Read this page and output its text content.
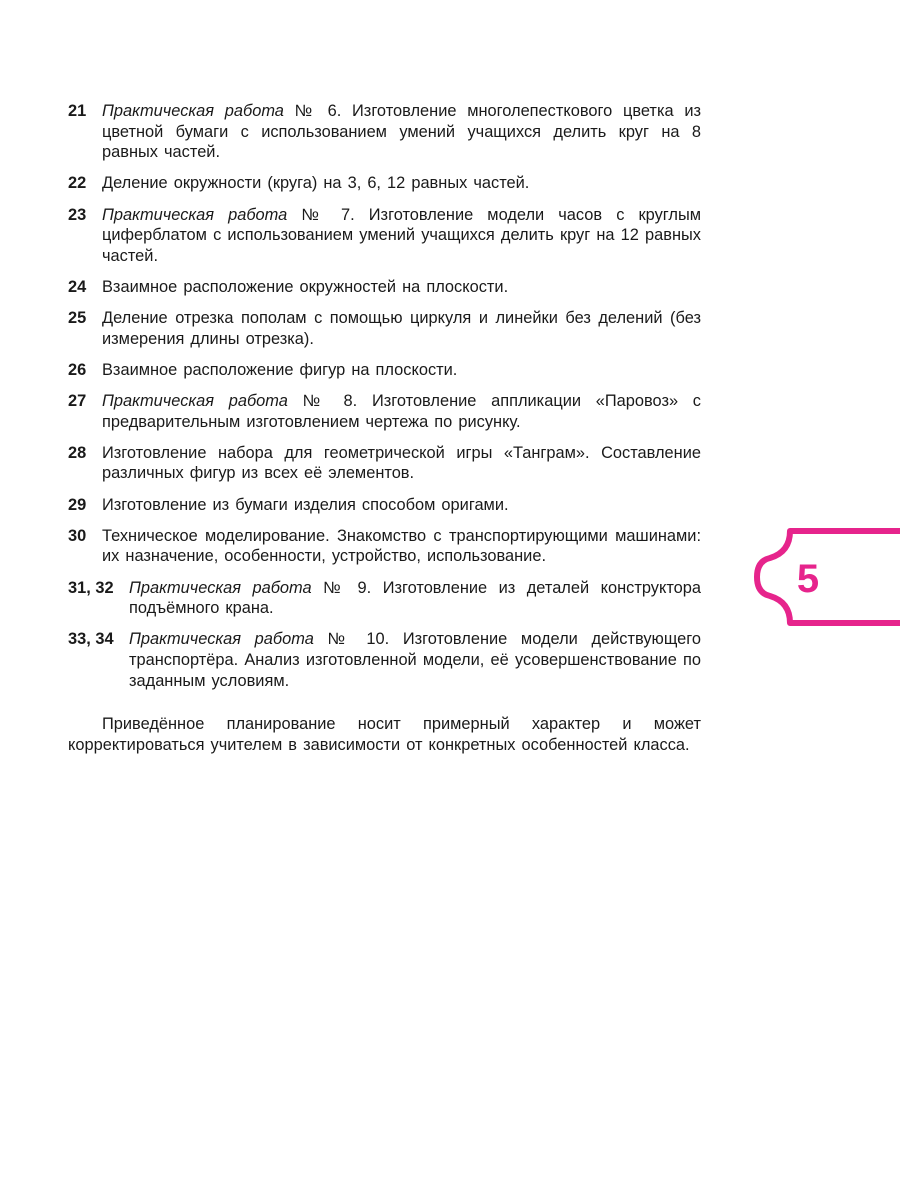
21 Практическая работа № 6. Изготовление многолепесткового цветка из цветной бумаги с использованием умений учащихся делить круг на 8 равных частей.
22 Деление окружности (круга) на 3, 6, 12 равных частей.
23 Практическая работа № 7. Изготовление модели часов с круглым циферблатом с использованием умений учащихся делить круг на 12 равных частей.
24 Взаимное расположение окружностей на плоскости.
25 Деление отрезка пополам с помощью циркуля и линейки без делений (без измерения длины отрезка).
26 Взаимное расположение фигур на плоскости.
27 Практическая работа № 8. Изготовление аппликации «Паровоз» с предварительным изготовлением чертежа по рисунку.
28 Изготовление набора для геометрической игры «Танграм». Составление различных фигур из всех её элементов.
29 Изготовление из бумаги изделия способом оригами.
30 Техническое моделирование. Знакомство с транспортирующими машинами: их назначение, особенности, устройство, использование.
31, 32 Практическая работа № 9. Изготовление из деталей конструктора подъёмного крана.
33, 34 Практическая работа № 10. Изготовление модели действующего транспортёра. Анализ изготовленной модели, её усовершенствование по заданным условиям.

Приведённое планирование носит примерный характер и может корректироваться учителем в зависимости от конкретных особенностей класса.

5
